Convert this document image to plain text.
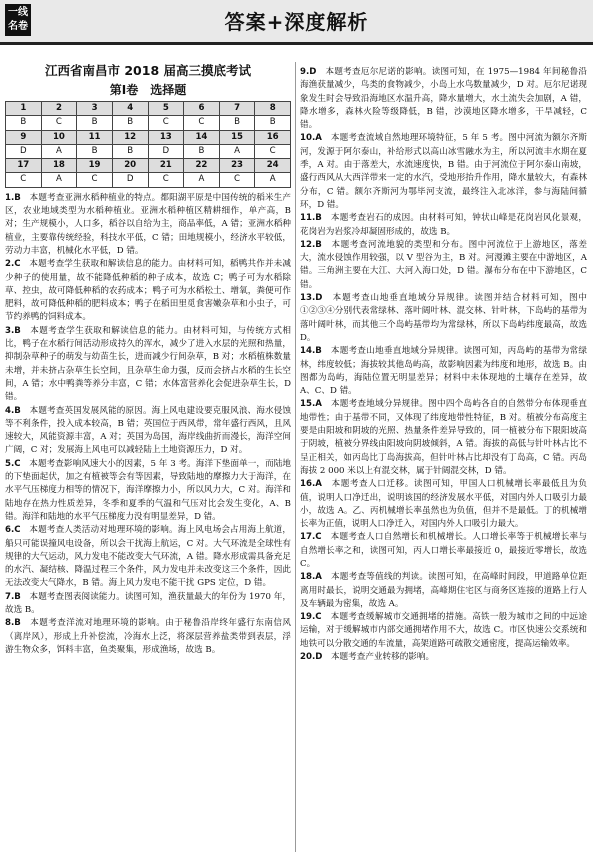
一线
名卷	答案+深度解析
江西省南昌市 2018 届高三摸底考试
第Ⅰ卷　选择题
1	2	3	4	5	6	7	8
B	C	B	B	C	C	B	B
9	10	11	12	13	14	15	16
D	A	B	B	D	B	A	C
17	18	19	20	21	22	23	24
C	A	C	D	C	A	C	A

1.B　本题考查亚洲水稻种植业的特点。都阳湖平原是中国传统的稻米生产区，农业地域类型为水稻种植业。亚洲水稻种植区精耕细作，单产高，B 对；生产规模小，人口多，稻谷以自给为主，商品率低，A 错；亚洲水稻种植业，主要靠传统经验，科技水平低，C 错；田地规模小，经济水平较低，劳动力丰富，机械化水平低，D 错。

2.C　本题考查学生获取和解读信息的能力。由材料可知，稻鸭共作并未减少种子的使用量，故不能降低种稻的种子成本，故选 C；鸭子可为水稻除草、控虫，故可降低种稻的农药成本；鸭子可为水稻松土、增氧，粪便可作肥料，故可降低种稻的肥料成本；鸭子在稻田里觅食害嫩杂草和小虫子，可节约养鸭的饲料成本。

3.B　本题考查学生获取和解读信息的能力。由材料可知，与传统方式相比，鸭子在水稻行间活动形成持久的浑水，减少了进入水层的光照和热量，抑制杂草种子的萌发与幼苗生长，进而减少行间杂草，B 对；水稻植株数量未增，并未挤占杂草生长空间，且杂草生命力强，反而会挤占水稻的生长空间，A 错；水中鸭粪等养分丰富，C 错；水体富营养化会促进杂草生长，D 错。

4.B　本题考查英国发展风能的原因。海上风电建设要克服风浪、海水侵蚀等不利条件，投入成本较高，B 错；英国位于西风带，常年盛行西风，且风速较大，风能资源丰富，A 对；英国为岛国，海岸线曲折而漫长，海洋空间广阔，C 对；发展海上风电可以减轻陆上土地资源压力，D 对。

5.C　本题考查影响风速大小的因素，5 年 3 考。海洋下垫面单一，而陆地的下垫面起伏，加之有植被等会有等因素，导致陆地的摩擦力大于海洋，在水平气压梯度力相等的情况下，海洋摩擦力小，所以风力大，C 对。海洋和陆地存在热力性质差异，冬季和夏季的气温和气压对比会发生变化，A、B 错。海洋和陆地的水平气压梯度力没有明显差异，D 错。

6.C　本题考查人类活动对地理环境的影响。海上风电场会占用海上航道，船只可能误撞风电设备，所以会干扰海上航运，C 对。大气环流是全球性有规律的大气运动，风力发电不能改变大气环流，A 错。降水形成需具备充足的水汽、凝结核、降温过程三个条件，风力发电并未改变这三个条件，因此无法改变大气降水，B 错。海上风力发电不能干扰 GPS 定位，D 错。

7.B　本题考查图表阅读能力。读图可知，渔获量最大的年份为 1970 年，故选 B。

8.B　本题考查洋流对地理环境的影响。由于秘鲁沿岸终年盛行东南信风（离岸风），形成上升补偿流，冷海水上泛，将深层营养盐类带到表层，浮游生物众多，饵料丰富，鱼类聚集，形成渔场，故选 B。

9.D　本题考查厄尔尼诺的影响。读图可知，在 1975—1984 年间秘鲁沿海渔获量减少，鸟类的食物减少，小岛上水鸟数量减少，D 对。厄尔尼诺现象发生时会导致沿海地区水温升高，降水量增大，水土流失会加剧，A 错，降水增多，森林火险等级降低，B 错，沙漠地区降水增多，干旱减轻，C 错。

10.A　本题考查流域自然地理环境特征，5 年 5 考。图中河流为额尔齐斯河，发源于阿尔泰山，补给形式以高山冰雪融水为主，所以河流丰水期在夏季，A 对。由于落差大，水流速度快，B 错。由于河流位于阿尔泰山南坡，盛行西风从大西洋带来一定的水汽，受地形抬升作用，降水量较大，有森林分布，C 错。额尔齐斯河为鄂毕河支流，最终注入北冰洋，参与海陆间循环，D 错。

11.B　本题考查岩石的成因。由材料可知，钟状山峰是花岗岩风化景观，花岗岩为岩浆冷却凝固形成的，故选 B。

12.B　本题考查河流地貌的类型和分布。图中河流位于上游地区，落差大，流水侵蚀作用较强，以 V 型谷为主，B 对。河漫滩主要在中游地区，A 错。三角洲主要在大江、大河入海口处，D 错。瀑布分布在中下游地区，C 错。

13.D　本题考查山地垂直地域分异规律。读图并结合材料可知，图中①②③④分别代表常绿林、落叶阔叶林、混交林、针叶林，下岛屿的基带为落叶阔叶林，而其他三个岛屿基带均为常绿林，所以下岛屿纬度最高，故选 D。

14.B　本题考查山地垂直地域分异规律。读图可知，丙岛屿的基带为常绿林，纬度较低；海拔较其他岛屿高，故影响因素为纬度和地形，故选 B。由图都为岛屿，海陆位置无明显差异；材料中未体现地的土壤存在差异，故 A、C、D 错。

15.A　本题考查地域分异规律。图中四个岛屿各自的自然带分布体现垂直地带性；由于基带不同，又体现了纬度地带性特征，B 对。植被分布高度主要是由阳坡和阴坡的光照、热量条件差异导致的，同一植被分布下限阳坡高于阴坡，植被分界线由阳坡向阴坡倾斜，A 错。海拔的高低与针叶林占比不呈正相关，如丙岛比丁岛海拔高，但针叶林占比却没有丁岛高，C 错。丙岛海拔 2 000 米以上有混交林，属于针阔混交林，D 错。

16.A　本题考查人口迁移。读图可知，甲国人口机械增长率最低且为负值，说明人口净迁出，说明该国的经济发展水平低，对国内外人口吸引力最小，故选 A。乙、丙机械增长率虽然也为负值，但并不是最低。丁的机械增长率为正值，说明人口净迁入，对国内外人口吸引力最大。

17.C　本题考查人口自然增长和机械增长。人口增长率等于机械增长率与自然增长率之和，读图可知，丙人口增长率最接近 0，最接近零增长，故选 C。

18.A　本题考查等值线的判读。读图可知，在高峰时间段，甲道路单位距离用时最长，说明交通最为拥堵，高峰期住宅区与商务区连接的道路上行人及车辆最为密集，故选 A。

19.C　本题考查缓解城市交通拥堵的措施。高铁一般为城市之间的中远途运输，对于缓解城市内部交通拥堵作用不大，故选 C。市区快速公交系统和地铁可以分散交通的车流量，高架道路可疏散交通密度，提高运输效率。

20.D　本题考查产业转移的影响。
